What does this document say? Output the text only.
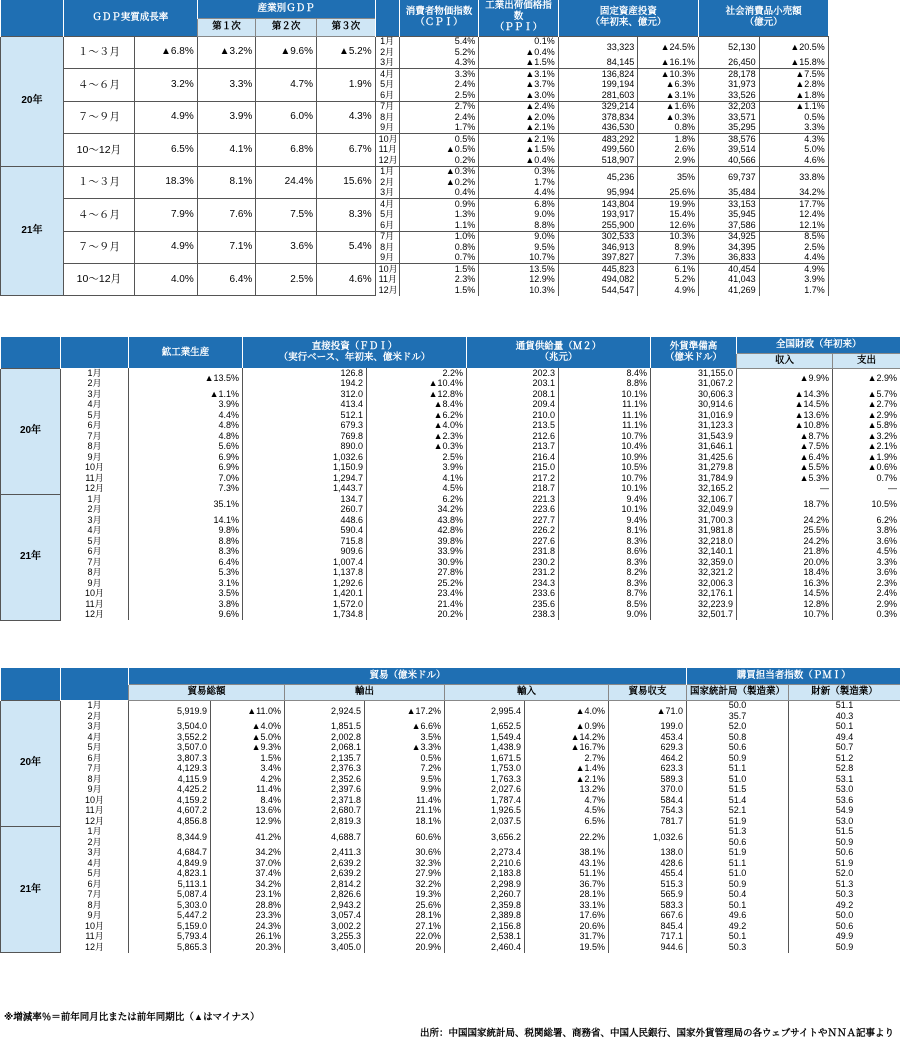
	ＧＤＰ実質成長率		産業別ＧＤＰ				消費者物価指数
（ＣＰＩ）	工業出荷価格指数
（ＰＰＩ）	固定資産投資
（年初来、億元）		社会消費品小売額
（億元）
			第１次	第２次	第３次							
20年	１～３月	▲6.8%	▲3.2%	▲9.6%	▲5.2%	1月	5.4%	0.1%	33,323	▲24.5%	52,130	▲20.5%
						2月	5.2%	▲0.4%				
						3月	4.3%	▲1.5%	84,145	▲16.1%	26,450	▲15.8%
	４～６月	3.2%	3.3%	4.7%	1.9%	4月	3.3%	▲3.1%	136,824	▲10.3%	28,178	▲7.5%
						5月	2.4%	▲3.7%	199,194	▲6.3%	31,973	▲2.8%
						6月	2.5%	▲3.0%	281,603	▲3.1%	33,526	▲1.8%
	７～９月	4.9%	3.9%	6.0%	4.3%	7月	2.7%	▲2.4%	329,214	▲1.6%	32,203	▲1.1%
						8月	2.4%	▲2.0%	378,834	▲0.3%	33,571	0.5%
						9月	1.7%	▲2.1%	436,530	0.8%	35,295	3.3%
	10～12月	6.5%	4.1%	6.8%	6.7%	10月	0.5%	▲2.1%	483,292	1.8%	38,576	4.3%
						11月	▲0.5%	▲1.5%	499,560	2.6%	39,514	5.0%
						12月	0.2%	▲0.4%	518,907	2.9%	40,566	4.6%
21年	１～３月	18.3%	8.1%	24.4%	15.6%	1月	▲0.3%	0.3%	45,236	35%	69,737	33.8%
						2月	▲0.2%	1.7%				
						3月	0.4%	4.4%	95,994	25.6%	35,484	34.2%
	４～６月	7.9%	7.6%	7.5%	8.3%	4月	0.9%	6.8%	143,804	19.9%	33,153	17.7%
						5月	1.3%	9.0%	193,917	15.4%	35,945	12.4%
						6月	1.1%	8.8%	255,900	12.6%	37,586	12.1%
	７～９月	4.9%	7.1%	3.6%	5.4%	7月	1.0%	9.0%	302,533	10.3%	34,925	8.5%
						8月	0.8%	9.5%	346,913	8.9%	34,395	2.5%
						9月	0.7%	10.7%	397,827	7.3%	36,833	4.4%
	10～12月	4.0%	6.4%	2.5%	4.6%	10月	1.5%	13.5%	445,823	6.1%	40,454	4.9%
						11月	2.3%	12.9%	494,082	5.2%	41,043	3.9%
						12月	1.5%	10.3%	544,547	4.9%	41,269	1.7%
		鉱工業生産	直接投資（ＦＤＩ）
（実行ベース、年初来、億米ドル）		通貨供給量（Ｍ２）
（兆元）		外貨準備高
（億米ドル）	全国財政（年初来）	
								収入	支出
20年	1月	▲13.5%	126.8	2.2%	202.3	8.4%	31,155.0	▲9.9%	▲2.9%
	2月		194.2	▲10.4%	203.1	8.8%	31,067.2		
	3月	▲1.1%	312.0	▲12.8%	208.1	10.1%	30,606.3	▲14.3%	▲5.7%
	4月	3.9%	413.4	▲8.4%	209.4	11.1%	30,914.6	▲14.5%	▲2.7%
	5月	4.4%	512.1	▲6.2%	210.0	11.1%	31,016.9	▲13.6%	▲2.9%
	6月	4.8%	679.3	▲4.0%	213.5	11.1%	31,123.3	▲10.8%	▲5.8%
	7月	4.8%	769.8	▲2.3%	212.6	10.7%	31,543.9	▲8.7%	▲3.2%
	8月	5.6%	890.0	▲0.3%	213.7	10.4%	31,646.1	▲7.5%	▲2.1%
	9月	6.9%	1,032.6	2.5%	216.4	10.9%	31,425.6	▲6.4%	▲1.9%
	10月	6.9%	1,150.9	3.9%	215.0	10.5%	31,279.8	▲5.5%	▲0.6%
	11月	7.0%	1,294.7	4.1%	217.2	10.7%	31,784.9	▲5.3%	0.7%
	12月	7.3%	1,443.7	4.5%	218.7	10.1%	32,165.2	―	―
21年	1月	35.1%	134.7	6.2%	221.3	9.4%	32,106.7	18.7%	10.5%
	2月		260.7	34.2%	223.6	10.1%	32,049.9		
	3月	14.1%	448.6	43.8%	227.7	9.4%	31,700.3	24.2%	6.2%
	4月	9.8%	590.4	42.8%	226.2	8.1%	31,981.8	25.5%	3.8%
	5月	8.8%	715.8	39.8%	227.6	8.3%	32,218.0	24.2%	3.6%
	6月	8.3%	909.6	33.9%	231.8	8.6%	32,140.1	21.8%	4.5%
	7月	6.4%	1,007.4	30.9%	230.2	8.3%	32,359.0	20.0%	3.3%
	8月	5.3%	1,137.8	27.8%	231.2	8.2%	32,321.2	18.4%	3.6%
	9月	3.1%	1,292.6	25.2%	234.3	8.3%	32,006.3	16.3%	2.3%
	10月	3.5%	1,420.1	23.4%	233.6	8.7%	32,176.1	14.5%	2.4%
	11月	3.8%	1,572.0	21.4%	235.6	8.5%	32,223.9	12.8%	2.9%
	12月	9.6%	1,734.8	20.2%	238.3	9.0%	32,501.7	10.7%	0.3%
		貿易（億米ドル）							購買担当者指数（ＰＭＩ）	
		貿易総額		輸出		輸入		貿易収支	国家統計局（製造業）	財新（製造業）
20年	1月	5,919.9	▲11.0%	2,924.5	▲17.2%	2,995.4	▲4.0%	▲71.0	50.0	51.1
	2月								35.7	40.3
	3月	3,504.0	▲4.0%	1,851.5	▲6.6%	1,652.5	▲0.9%	199.0	52.0	50.1
	4月	3,552.2	▲5.0%	2,002.8	3.5%	1,549.4	▲14.2%	453.4	50.8	49.4
	5月	3,507.0	▲9.3%	2,068.1	▲3.3%	1,438.9	▲16.7%	629.3	50.6	50.7
	6月	3,807.3	1.5%	2,135.7	0.5%	1,671.5	2.7%	464.2	50.9	51.2
	7月	4,129.3	3.4%	2,376.3	7.2%	1,753.0	▲1.4%	623.3	51.1	52.8
	8月	4,115.9	4.2%	2,352.6	9.5%	1,763.3	▲2.1%	589.3	51.0	53.1
	9月	4,425.2	11.4%	2,397.6	9.9%	2,027.6	13.2%	370.0	51.5	53.0
	10月	4,159.2	8.4%	2,371.8	11.4%	1,787.4	4.7%	584.4	51.4	53.6
	11月	4,607.2	13.6%	2,680.7	21.1%	1,926.5	4.5%	754.3	52.1	54.9
	12月	4,856.8	12.9%	2,819.3	18.1%	2,037.5	6.5%	781.7	51.9	53.0
21年	1月	8,344.9	41.2%	4,688.7	60.6%	3,656.2	22.2%	1,032.6	51.3	51.5
	2月								50.6	50.9
	3月	4,684.7	34.2%	2,411.3	30.6%	2,273.4	38.1%	138.0	51.9	50.6
	4月	4,849.9	37.0%	2,639.2	32.3%	2,210.6	43.1%	428.6	51.1	51.9
	5月	4,823.1	37.4%	2,639.2	27.9%	2,183.8	51.1%	455.4	51.0	52.0
	6月	5,113.1	34.2%	2,814.2	32.2%	2,298.9	36.7%	515.3	50.9	51.3
	7月	5,087.4	23.1%	2,826.6	19.3%	2,260.7	28.1%	565.9	50.4	50.3
	8月	5,303.0	28.8%	2,943.2	25.6%	2,359.8	33.1%	583.3	50.1	49.2
	9月	5,447.2	23.3%	3,057.4	28.1%	2,389.8	17.6%	667.6	49.6	50.0
	10月	5,159.0	24.3%	3,002.2	27.1%	2,156.8	20.6%	845.4	49.2	50.6
	11月	5,793.4	26.1%	3,255.3	22.0%	2,538.1	31.7%	717.1	50.1	49.9
	12月	5,865.3	20.3%	3,405.0	20.9%	2,460.4	19.5%	944.6	50.3	50.9
※増減率％＝前年同月比または前年同期比（▲はマイナス）
出所：中国国家統計局、税関総署、商務省、中国人民銀行、国家外貨管理局の各ウェブサイトやＮＮＡ記事より
